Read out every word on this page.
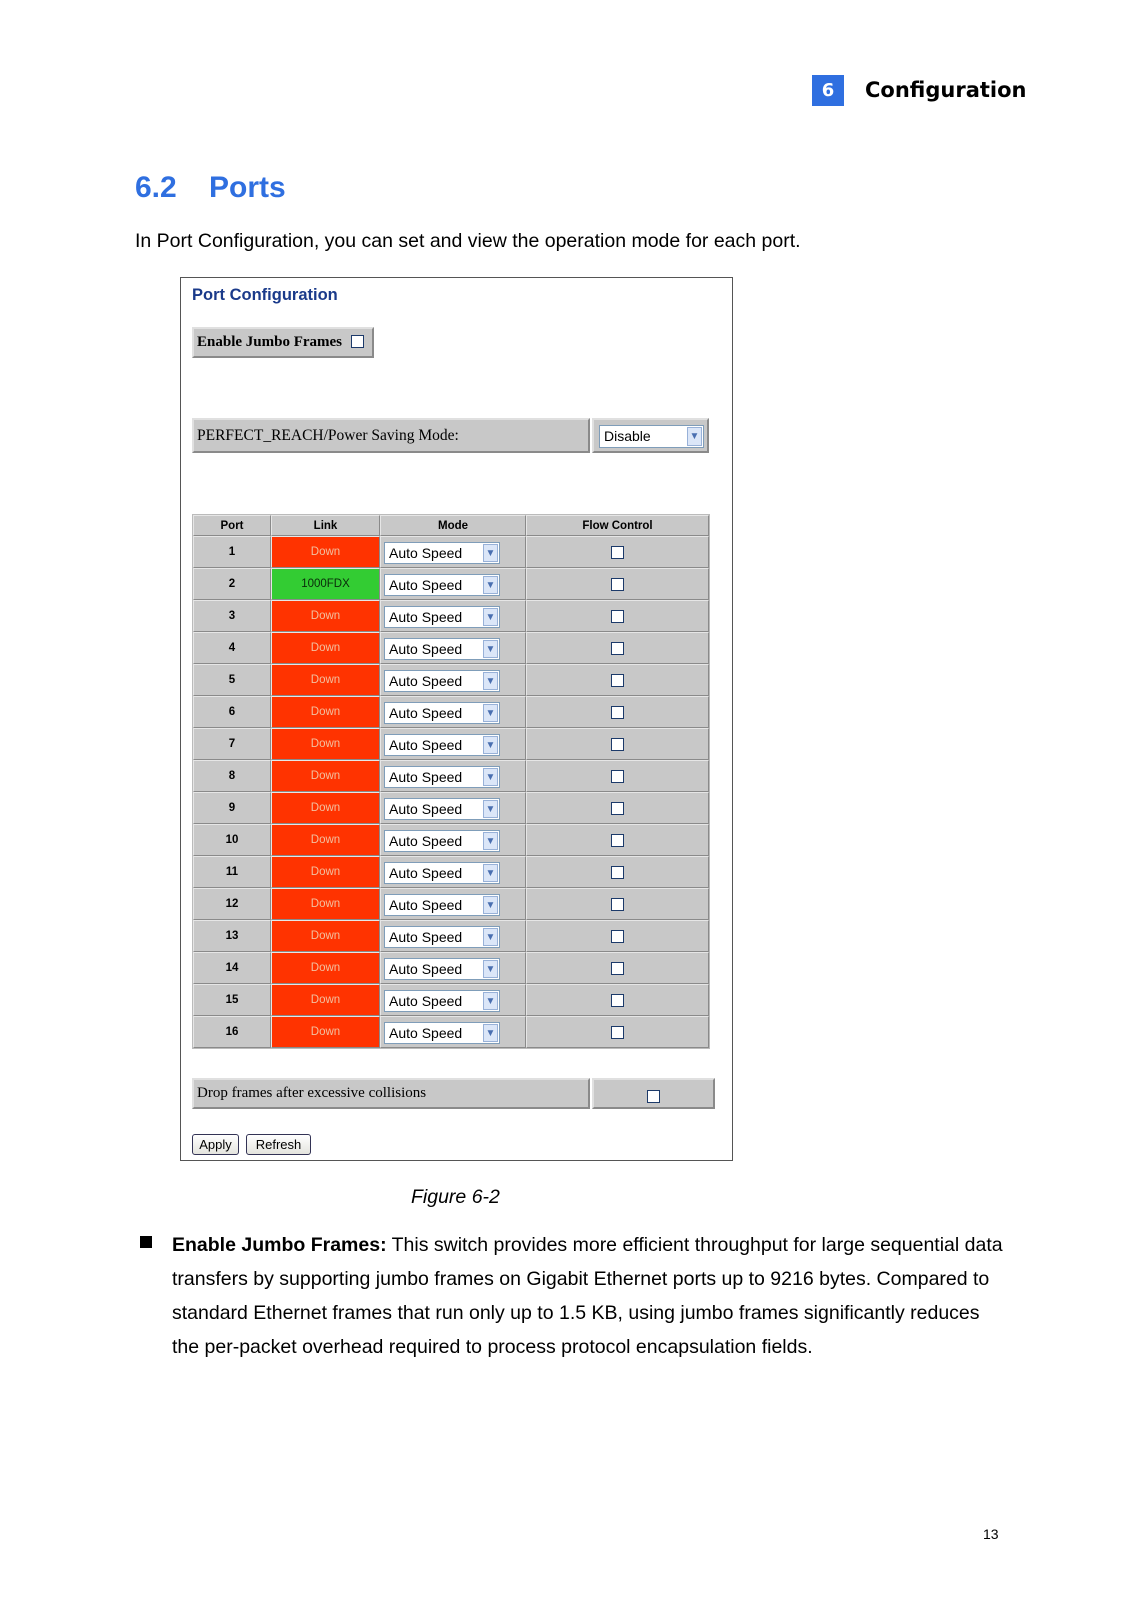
6	Configuration
6.2 Ports
In Port Configuration, you can set and view the operation mode for each port.
Port Configuration
Enable Jumbo Frames
PERFECT_REACH/Power Saving Mode:	Disable	▼
Port	Link	Mode	Flow Control
1	Down	Auto Speed ▼	

2	1000FDX	Auto Speed ▼	

3	Down	Auto Speed ▼	

4	Down	Auto Speed ▼	

5	Down	Auto Speed ▼	

6	Down	Auto Speed ▼	

7	Down	Auto Speed ▼	

8	Down	Auto Speed ▼	

9	Down	Auto Speed ▼	

10	Down	Auto Speed ▼	

11	Down	Auto Speed ▼	

12	Down	Auto Speed ▼	

13	Down	Auto Speed ▼	

14	Down	Auto Speed ▼	

15	Down	Auto Speed ▼	

16	Down	Auto Speed ▼	

Drop frames after excessive collisions
Apply	Refresh
Figure 6-2
Enable Jumbo Frames: This switch provides more efficient throughput for large sequential data transfers by supporting jumbo frames on Gigabit Ethernet ports up to 9216 bytes. Compared to standard Ethernet frames that run only up to 1.5 KB, using jumbo frames significantly reduces the per-packet overhead required to process protocol encapsulation fields.
13
